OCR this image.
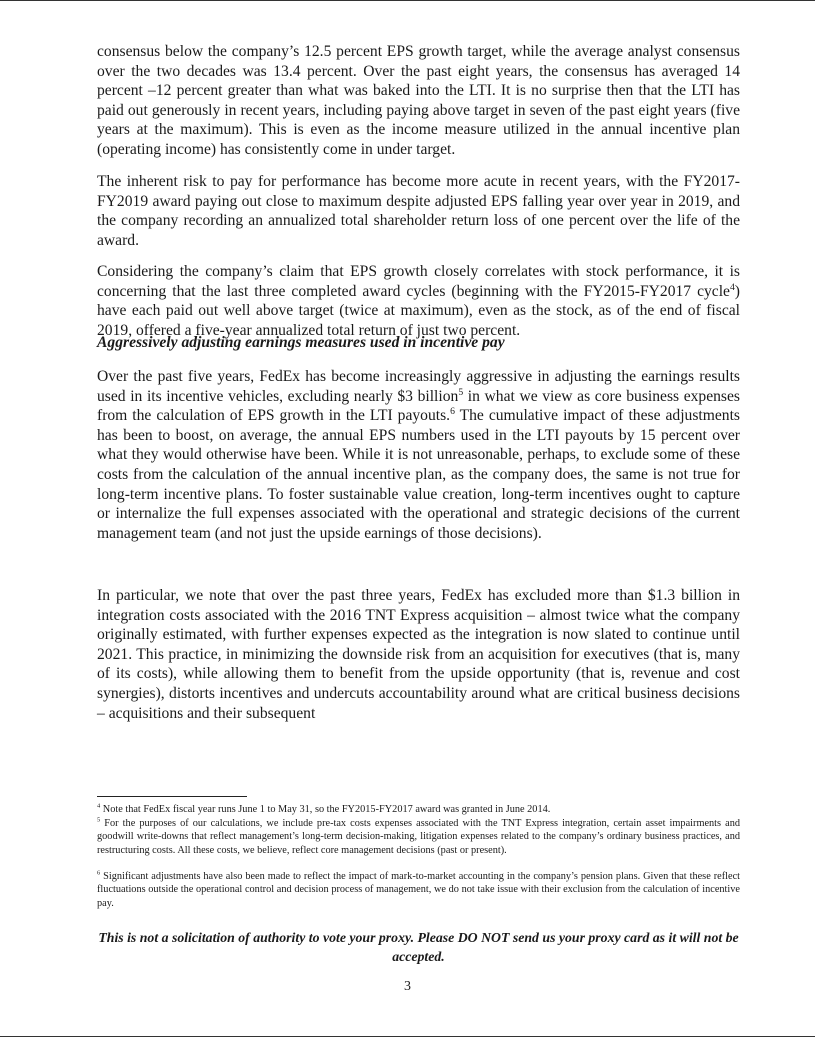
consensus below the company’s 12.5 percent EPS growth target, while the average analyst consensus over the two decades was 13.4 percent. Over the past eight years, the consensus has averaged 14 percent –12 percent greater than what was baked into the LTI. It is no surprise then that the LTI has paid out generously in recent years, including paying above target in seven of the past eight years (five years at the maximum). This is even as the income measure utilized in the annual incentive plan (operating income) has consistently come in under target.

The inherent risk to pay for performance has become more acute in recent years, with the FY2017-FY2019 award paying out close to maximum despite adjusted EPS falling year over year in 2019, and the company recording an annualized total shareholder return loss of one percent over the life of the award.

Considering the company’s claim that EPS growth closely correlates with stock performance, it is concerning that the last three completed award cycles (beginning with the FY2015-FY2017 cycle$^4$) have each paid out well above target (twice at maximum), even as the stock, as of the end of fiscal 2019, offered a five-year annualized total return of just two percent.

Aggressively adjusting earnings measures used in incentive pay

Over the past five years, FedEx has become increasingly aggressive in adjusting the earnings results used in its incentive vehicles, excluding nearly $3 billion$^5$ in what we view as core business expenses from the calculation of EPS growth in the LTI payouts.$^6$ The cumulative impact of these adjustments has been to boost, on average, the annual EPS numbers used in the LTI payouts by 15 percent over what they would otherwise have been. While it is not unreasonable, perhaps, to exclude some of these costs from the calculation of the annual incentive plan, as the company does, the same is not true for long-term incentive plans. To foster sustainable value creation, long-term incentives ought to capture or internalize the full expenses associated with the operational and strategic decisions of the current management team (and not just the upside earnings of those decisions).

In particular, we note that over the past three years, FedEx has excluded more than $1.3 billion in integration costs associated with the 2016 TNT Express acquisition – almost twice what the company originally estimated, with further expenses expected as the integration is now slated to continue until 2021. This practice, in minimizing the downside risk from an acquisition for executives (that is, many of its costs), while allowing them to benefit from the upside opportunity (that is, revenue and cost synergies), distorts incentives and undercuts accountability around what are critical business decisions – acquisitions and their subsequent

$^4$ Note that FedEx fiscal year runs June 1 to May 31, so the FY2015-FY2017 award was granted in June 2014.
$^5$ For the purposes of our calculations, we include pre-tax costs expenses associated with the TNT Express integration, certain asset impairments and goodwill write-downs that reflect management’s long-term decision-making, litigation expenses related to the company’s ordinary business practices, and restructuring costs. All these costs, we believe, reflect core management decisions (past or present).
$^6$ Significant adjustments have also been made to reflect the impact of mark-to-market accounting in the company’s pension plans. Given that these reflect fluctuations outside the operational control and decision process of management, we do not take issue with their exclusion from the calculation of incentive pay.
This is not a solicitation of authority to vote your proxy. Please DO NOT send us your proxy card as it will not be accepted.
3
